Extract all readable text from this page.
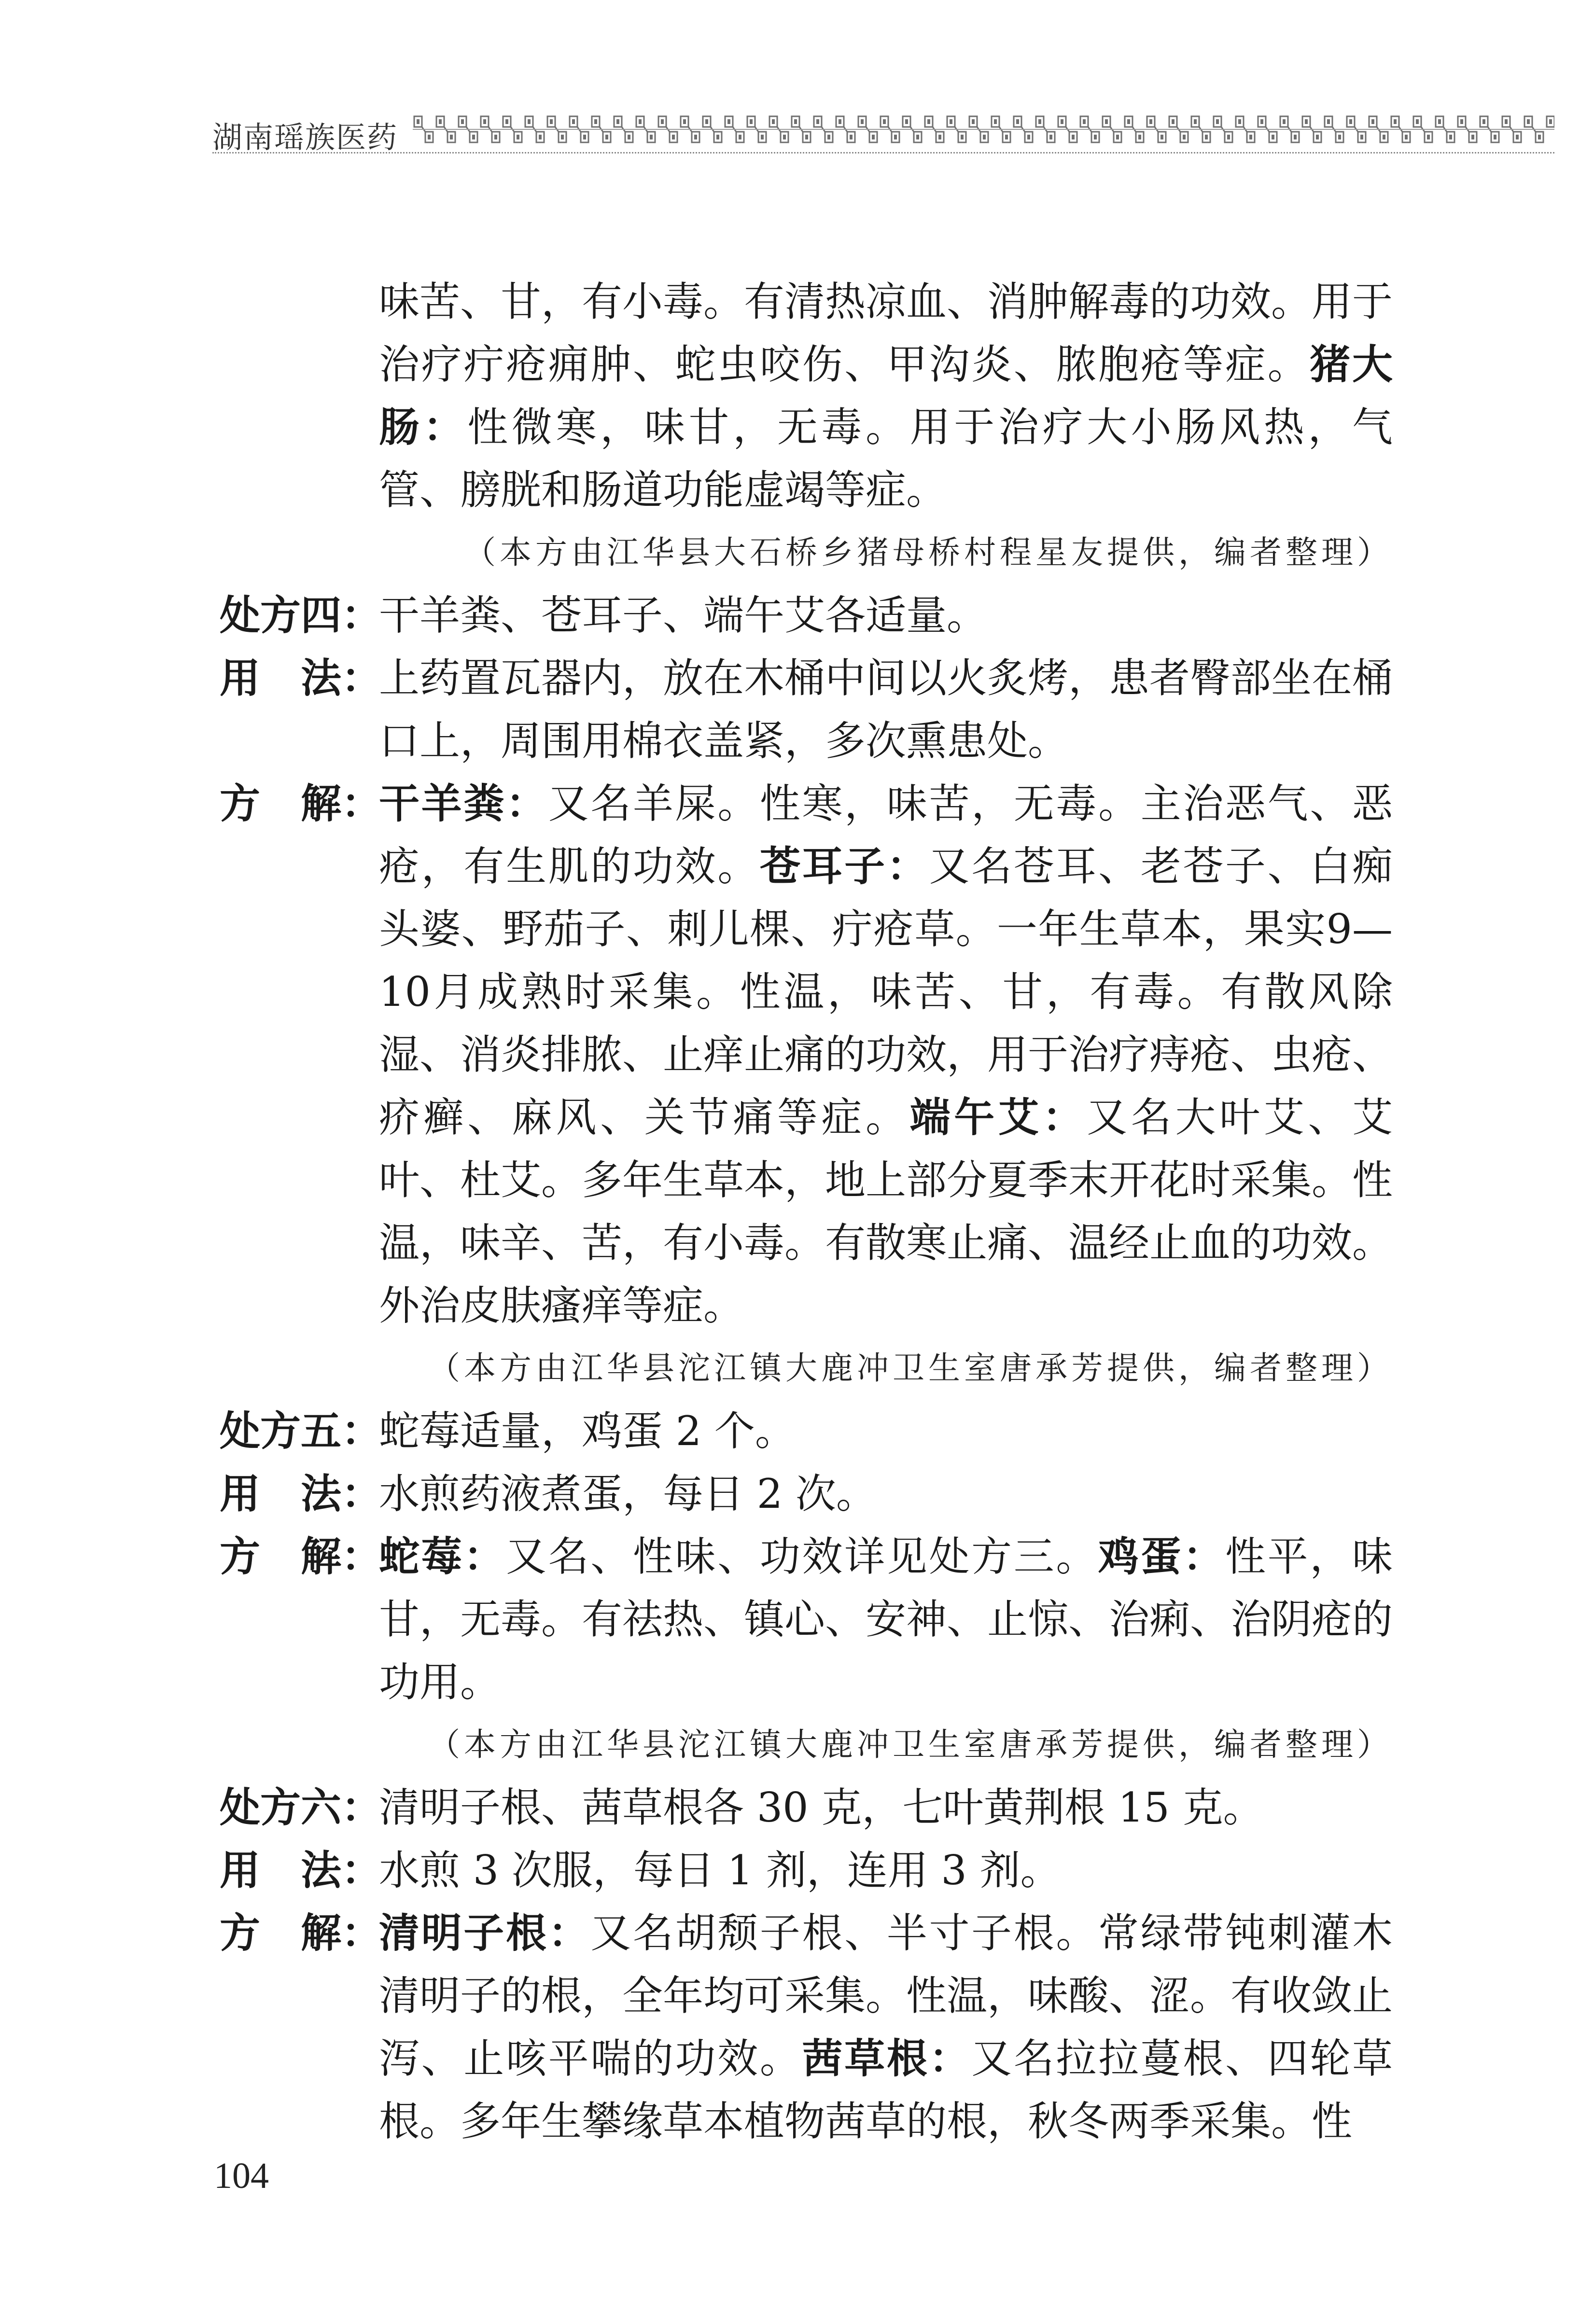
湖南瑶族医药

味苦、甘，有小毒。有清热凉血、消肿解毒的功效。用于治疗疔疮痈肿、蛇虫咬伤、甲沟炎、脓胞疮等症。猪大肠：性微寒，味甘，无毒。用于治疗大小肠风热，气管、膀胱和肠道功能虚竭等症。

（本方由江华县大石桥乡猪母桥村程星友提供，编者整理）

处方四：
干羊粪、苍耳子、端午艾各适量。
用　法：
上药置瓦器内，放在木桶中间以火炙烤，患者臀部坐在桶口上，周围用棉衣盖紧，多次熏患处。
方　解：
干羊粪：又名羊屎。性寒，味苦，无毒。主治恶气、恶疮，有生肌的功效。苍耳子：又名苍耳、老苍子、白痴头婆、野茄子、刺儿棵、疔疮草。一年生草本，果实9—10月成熟时采集。性温，味苦、甘，有毒。有散风除湿、消炎排脓、止痒止痛的功效，用于治疗痔疮、虫疮、疥癣、麻风、关节痛等症。端午艾：又名大叶艾、艾叶、杜艾。多年生草本，地上部分夏季末开花时采集。性温，味辛、苦，有小毒。有散寒止痛、温经止血的功效。外治皮肤瘙痒等症。

（本方由江华县沱江镇大鹿冲卫生室唐承芳提供，编者整理）

处方五：
蛇莓适量，鸡蛋 2 个。
用　法：
水煎药液煮蛋，每日 2 次。
方　解：
蛇莓：又名、性味、功效详见处方三。鸡蛋：性平，味甘，无毒。有祛热、镇心、安神、止惊、治痢、治阴疮的功用。

（本方由江华县沱江镇大鹿冲卫生室唐承芳提供，编者整理）

处方六：
清明子根、茜草根各 30 克，七叶黄荆根 15 克。
用　法：
水煎 3 次服，每日 1 剂，连用 3 剂。
方　解：
清明子根：又名胡颓子根、半寸子根。常绿带钝刺灌木清明子的根，全年均可采集。性温，味酸、涩。有收敛止泻、止咳平喘的功效。茜草根：又名拉拉蔓根、四轮草根。多年生攀缘草本植物茜草的根，秋冬两季采集。性
104
